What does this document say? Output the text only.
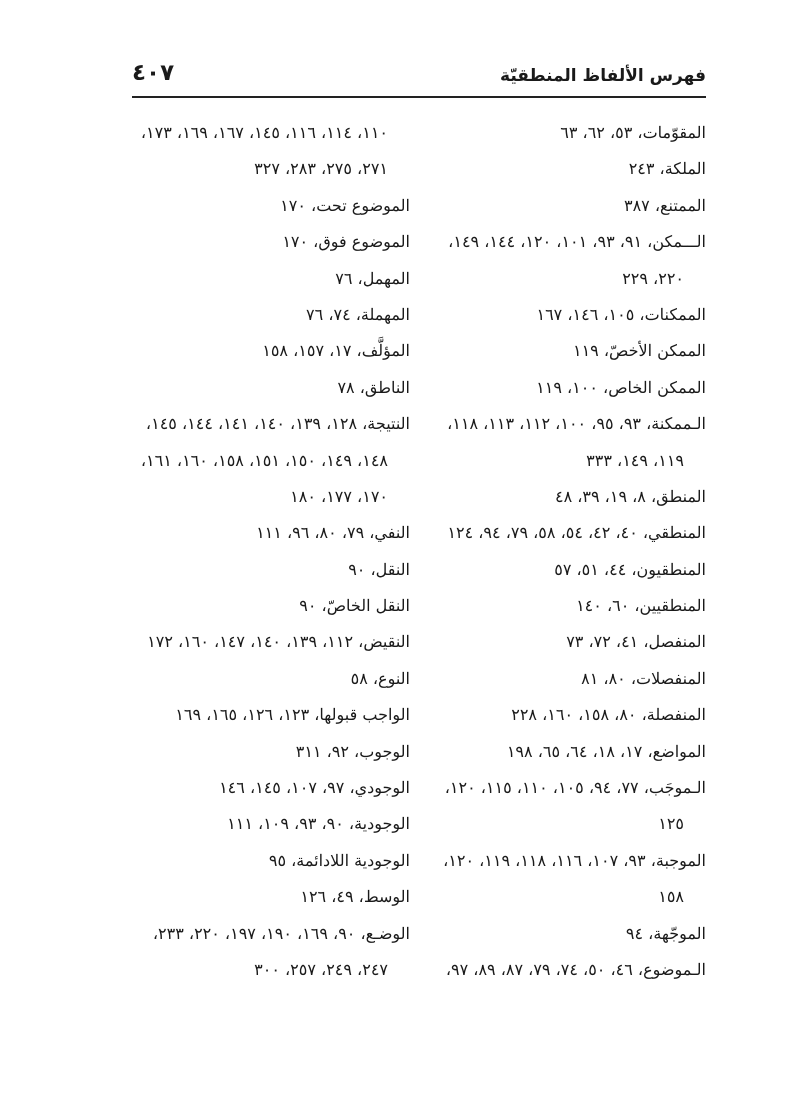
فهرس الألفاظ المنطقيّة
٤٠٧
المقوّمات، ٥٣، ٦٢، ٦٣
الملكة، ٢٤٣
الممتنع، ٣٨٧
الـــمكن، ٩١، ٩٣، ١٠١، ١٢٠، ١٤٤، ١٤٩،
٢٢٠، ٢٢٩
الممكنات، ١٠٥، ١٤٦، ١٦٧
الممكن الأخصّ، ١١٩
الممكن الخاص، ١٠٠، ١١٩
الـممكنة، ٩٣، ٩٥، ١٠٠، ١١٢، ١١٣، ١١٨،
١١٩، ١٤٩، ٣٣٣
المنطق، ٨، ١٩، ٣٩، ٤٨
المنطقي، ٤٠، ٤٢، ٥٤، ٥٨، ٧٩، ٩٤، ١٢٤
المنطقيون، ٤٤، ٥١، ٥٧
المنطقيين، ٦٠، ١٤٠
المنفصل، ٤١، ٧٢، ٧٣
المنفصلات، ٨٠، ٨١
المنفصلة، ٨٠، ١٥٨، ١٦٠، ٢٢٨
المواضع، ١٧، ١٨، ٦٤، ٦٥، ١٩٨
الـموجَب، ٧٧، ٩٤، ١٠٥، ١١٠، ١١٥، ١٢٠،
١٢٥
الموجبة، ٩٣، ١٠٧، ١١٦، ١١٨، ١١٩، ١٢٠،
١٥٨
الموجّهة، ٩٤
الـموضوع، ٤٦، ٥٠، ٧٤، ٧٩، ٨٧، ٨٩، ٩٧،
١١٠، ١١٤، ١١٦، ١٤٥، ١٦٧، ١٦٩، ١٧٣،
٢٧١، ٢٧٥، ٢٨٣، ٣٢٧
الموضوع تحت، ١٧٠
الموضوع فوق، ١٧٠
المهمل، ٧٦
المهملة، ٧٤، ٧٦
المؤلَّف، ١٧، ١٥٧، ١٥٨
الناطق، ٧٨
النتيجة، ١٢٨، ١٣٩، ١٤٠، ١٤١، ١٤٤، ١٤٥،
١٤٨، ١٤٩، ١٥٠، ١٥١، ١٥٨، ١٦٠، ١٦١،
١٧٠، ١٧٧، ١٨٠
النفي، ٧٩، ٨٠، ٩٦، ١١١
النقل، ٩٠
النقل الخاصّ، ٩٠
النقيض، ١١٢، ١٣٩، ١٤٠، ١٤٧، ١٦٠، ١٧٢
النوع، ٥٨
الواجب قبولها، ١٢٣، ١٢٦، ١٦٥، ١٦٩
الوجوب، ٩٢، ٣١١
الوجودي، ٩٧، ١٠٧، ١٤٥، ١٤٦
الوجودية، ٩٠، ٩٣، ١٠٩، ١١١
الوجودية اللادائمة، ٩٥
الوسط، ٤٩، ١٢٦
الوضـع، ٩٠، ١٦٩، ١٩٠، ١٩٧، ٢٢٠، ٢٣٣،
٢٤٧، ٢٤٩، ٢٥٧، ٣٠٠
